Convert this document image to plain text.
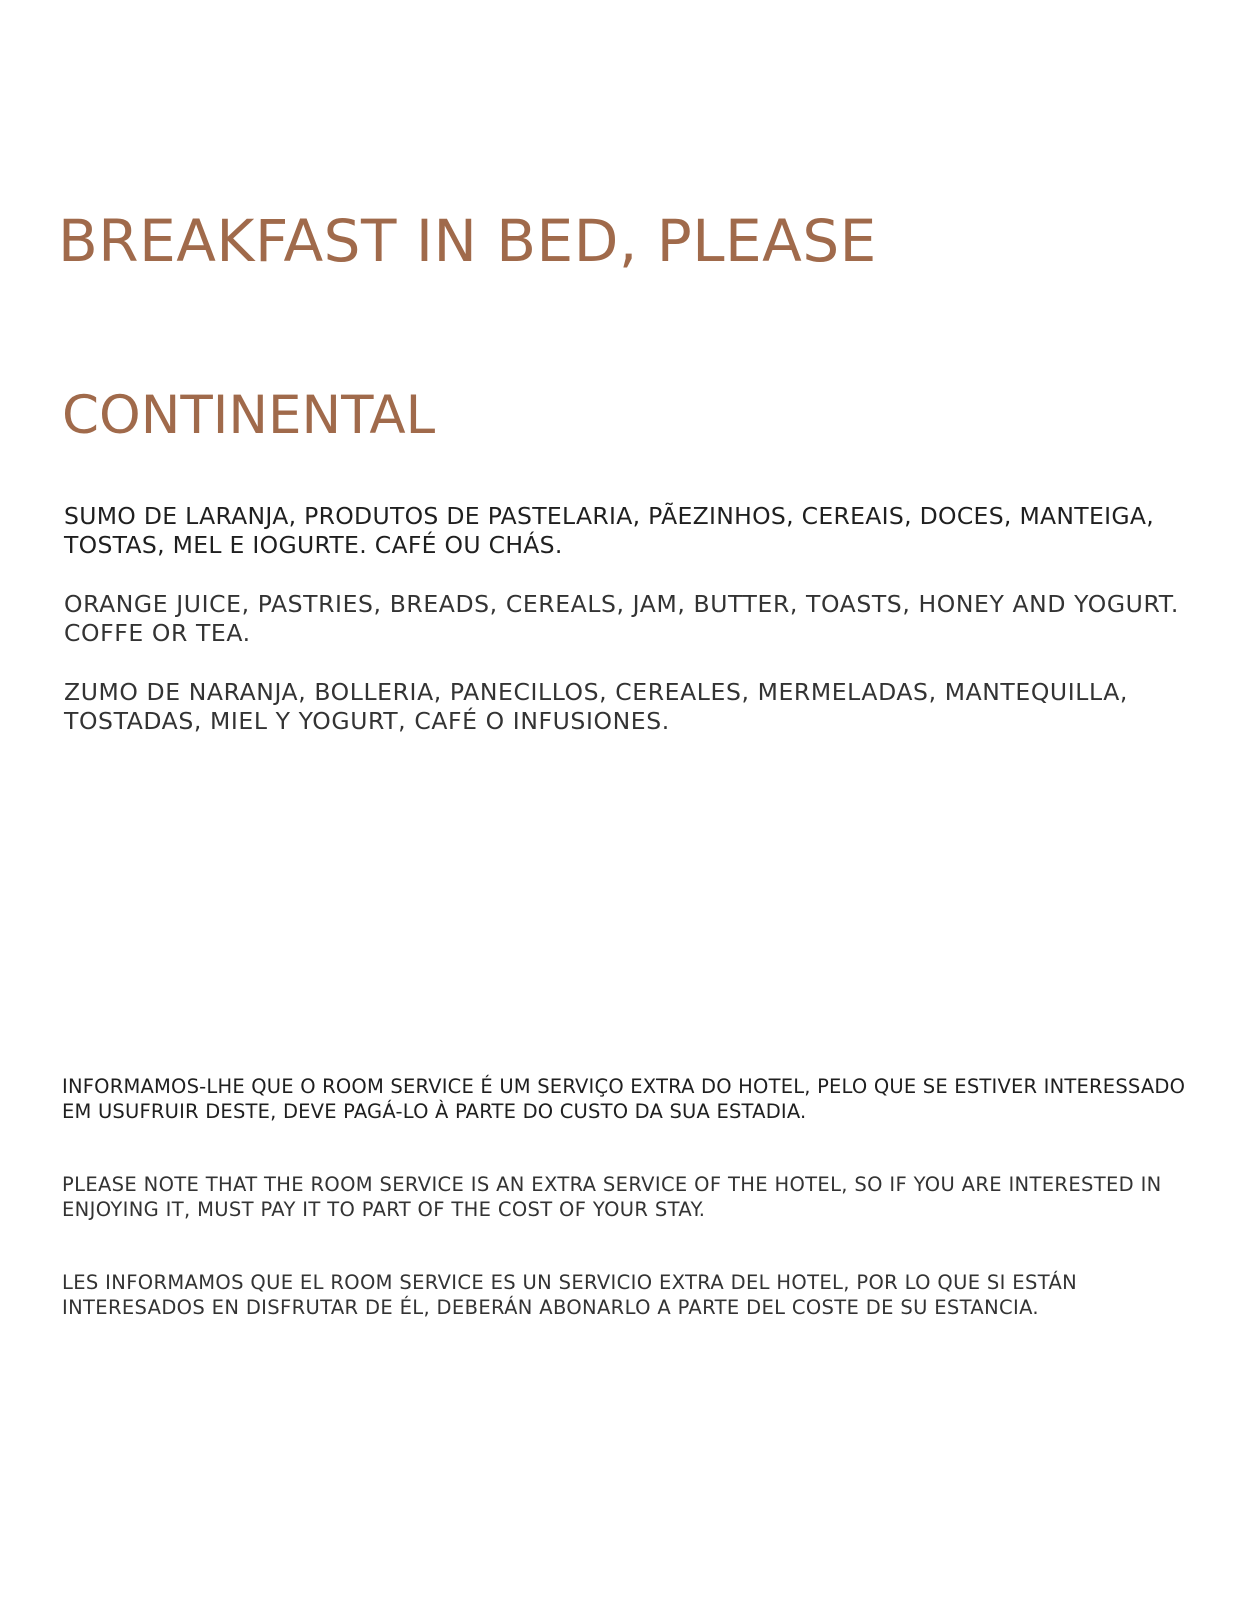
BREAKFAST IN BED, PLEASE
CONTINENTAL

SUMO DE LARANJA, PRODUTOS DE PASTELARIA, PÃEZINHOS, CEREAIS, DOCES, MANTEIGA, TOSTAS, MEL E IOGURTE. CAFÉ OU CHÁS.

ORANGE JUICE, PASTRIES, BREADS, CEREALS, JAM, BUTTER, TOASTS, HONEY AND YOGURT. COFFE OR TEA.

ZUMO DE NARANJA, BOLLERIA, PANECILLOS, CEREALES, MERMELADAS, MANTEQUILLA, TOSTADAS, MIEL Y YOGURT, CAFÉ O INFUSIONES.

INFORMAMOS-LHE QUE O ROOM SERVICE É UM SERVIÇO EXTRA DO HOTEL, PELO QUE SE ESTIVER INTERESSADO EM USUFRUIR DESTE, DEVE PAGÁ-LO À PARTE DO CUSTO DA SUA ESTADIA.

PLEASE NOTE THAT THE ROOM SERVICE IS AN EXTRA SERVICE OF THE HOTEL, SO IF YOU ARE INTERESTED IN ENJOYING IT, MUST PAY IT TO PART OF THE COST OF YOUR STAY.

LES INFORMAMOS QUE EL ROOM SERVICE ES UN SERVICIO EXTRA DEL HOTEL, POR LO QUE SI ESTÁN INTERESADOS EN DISFRUTAR DE ÉL, DEBERÁN ABONARLO A PARTE DEL COSTE DE SU ESTANCIA.
